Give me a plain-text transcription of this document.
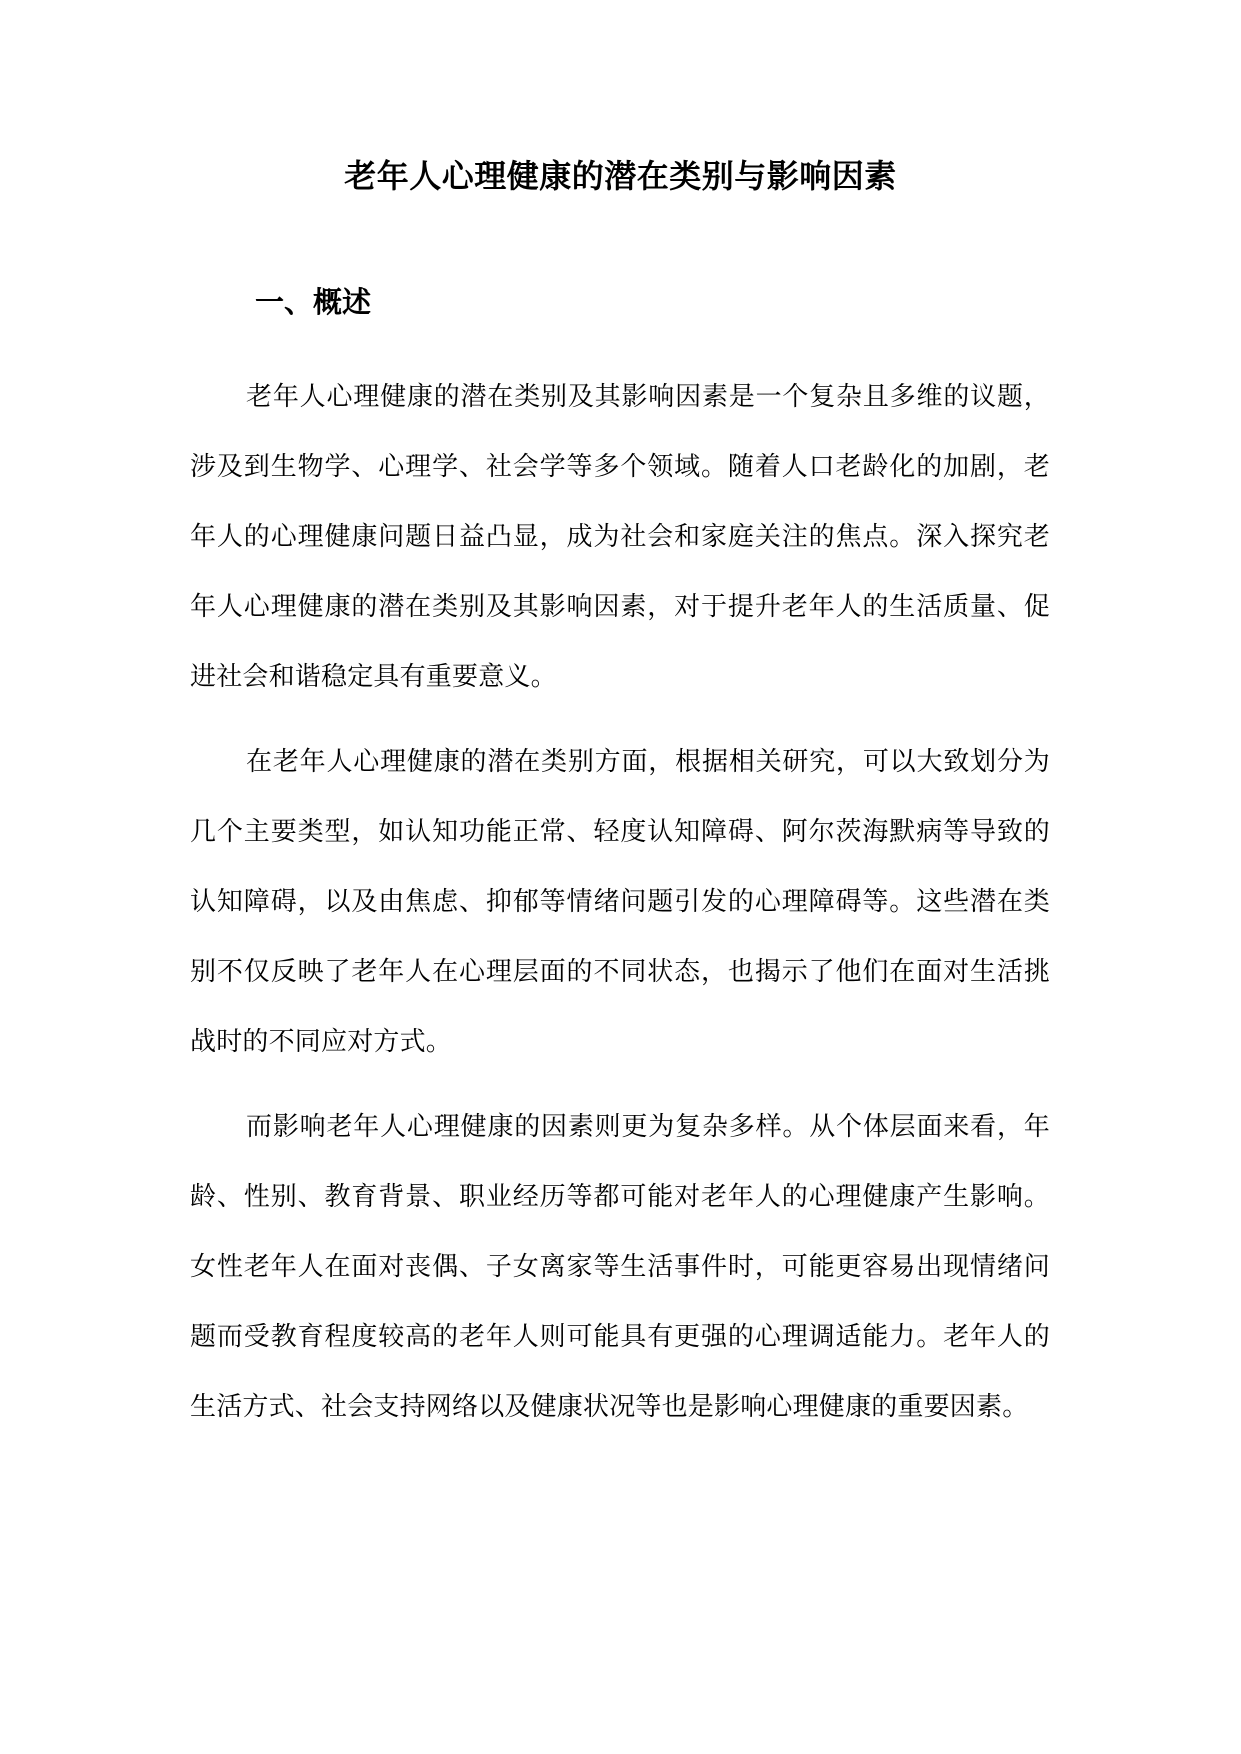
老年人心理健康的潜在类别与影响因素
一、概述

老年人心理健康的潜在类别及其影响因素是一个复杂且多维的议题，涉及到生物学、心理学、社会学等多个领域。随着人口老龄化的加剧，老年人的心理健康问题日益凸显，成为社会和家庭关注的焦点。深入探究老年人心理健康的潜在类别及其影响因素，对于提升老年人的生活质量、促进社会和谐稳定具有重要意义。

在老年人心理健康的潜在类别方面，根据相关研究，可以大致划分为几个主要类型，如认知功能正常、轻度认知障碍、阿尔茨海默病等导致的认知障碍，以及由焦虑、抑郁等情绪问题引发的心理障碍等。这些潜在类别不仅反映了老年人在心理层面的不同状态，也揭示了他们在面对生活挑战时的不同应对方式。

而影响老年人心理健康的因素则更为复杂多样。从个体层面来看，年龄、性别、教育背景、职业经历等都可能对老年人的心理健康产生影响。女性老年人在面对丧偶、子女离家等生活事件时，可能更容易出现情绪问题而受教育程度较高的老年人则可能具有更强的心理调适能力。老年人的生活方式、社会支持网络以及健康状况等也是影响心理健康的重要因素。
